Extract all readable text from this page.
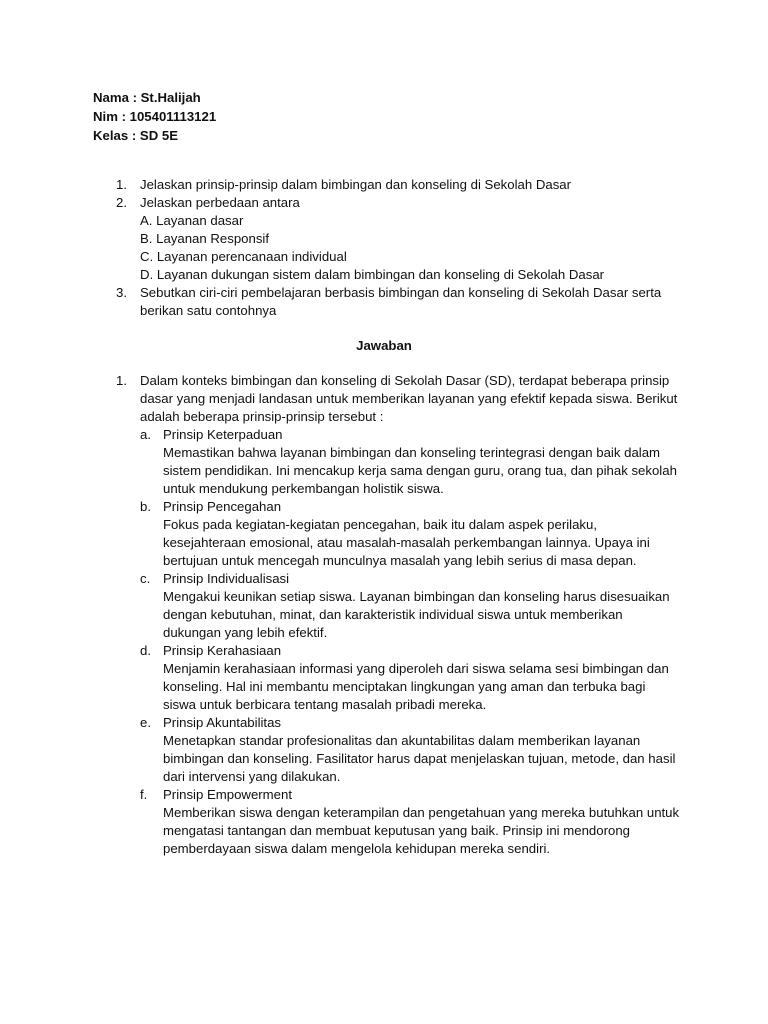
Nama : St.Halijah
Nim : 105401113121
Kelas : SD 5E
1. Jelaskan prinsip-prinsip dalam bimbingan dan konseling di Sekolah Dasar
2. Jelaskan perbedaan antara
A. Layanan dasar
B. Layanan Responsif
C. Layanan perencanaan individual
D. Layanan dukungan sistem dalam bimbingan dan konseling di Sekolah Dasar
3. Sebutkan ciri-ciri pembelajaran berbasis bimbingan dan konseling di Sekolah Dasar serta berikan satu contohnya
Jawaban
1. Dalam konteks bimbingan dan konseling di Sekolah Dasar (SD), terdapat beberapa prinsip dasar yang menjadi landasan untuk memberikan layanan yang efektif kepada siswa. Berikut adalah beberapa prinsip-prinsip tersebut :
a. Prinsip Keterpaduan
Memastikan bahwa layanan bimbingan dan konseling terintegrasi dengan baik dalam sistem pendidikan. Ini mencakup kerja sama dengan guru, orang tua, dan pihak sekolah untuk mendukung perkembangan holistik siswa.
b. Prinsip Pencegahan
Fokus pada kegiatan-kegiatan pencegahan, baik itu dalam aspek perilaku, kesejahteraan emosional, atau masalah-masalah perkembangan lainnya. Upaya ini bertujuan untuk mencegah munculnya masalah yang lebih serius di masa depan.
c. Prinsip Individualisasi
Mengakui keunikan setiap siswa. Layanan bimbingan dan konseling harus disesuaikan dengan kebutuhan, minat, dan karakteristik individual siswa untuk memberikan dukungan yang lebih efektif.
d. Prinsip Kerahasiaan
Menjamin kerahasiaan informasi yang diperoleh dari siswa selama sesi bimbingan dan konseling. Hal ini membantu menciptakan lingkungan yang aman dan terbuka bagi siswa untuk berbicara tentang masalah pribadi mereka.
e. Prinsip Akuntabilitas
Menetapkan standar profesionalitas dan akuntabilitas dalam memberikan layanan bimbingan dan konseling. Fasilitator harus dapat menjelaskan tujuan, metode, dan hasil dari intervensi yang dilakukan.
f.	Prinsip Empowerment
Memberikan siswa dengan keterampilan dan pengetahuan yang mereka butuhkan untuk mengatasi tantangan dan membuat keputusan yang baik. Prinsip ini mendorong pemberdayaan siswa dalam mengelola kehidupan mereka sendiri.
